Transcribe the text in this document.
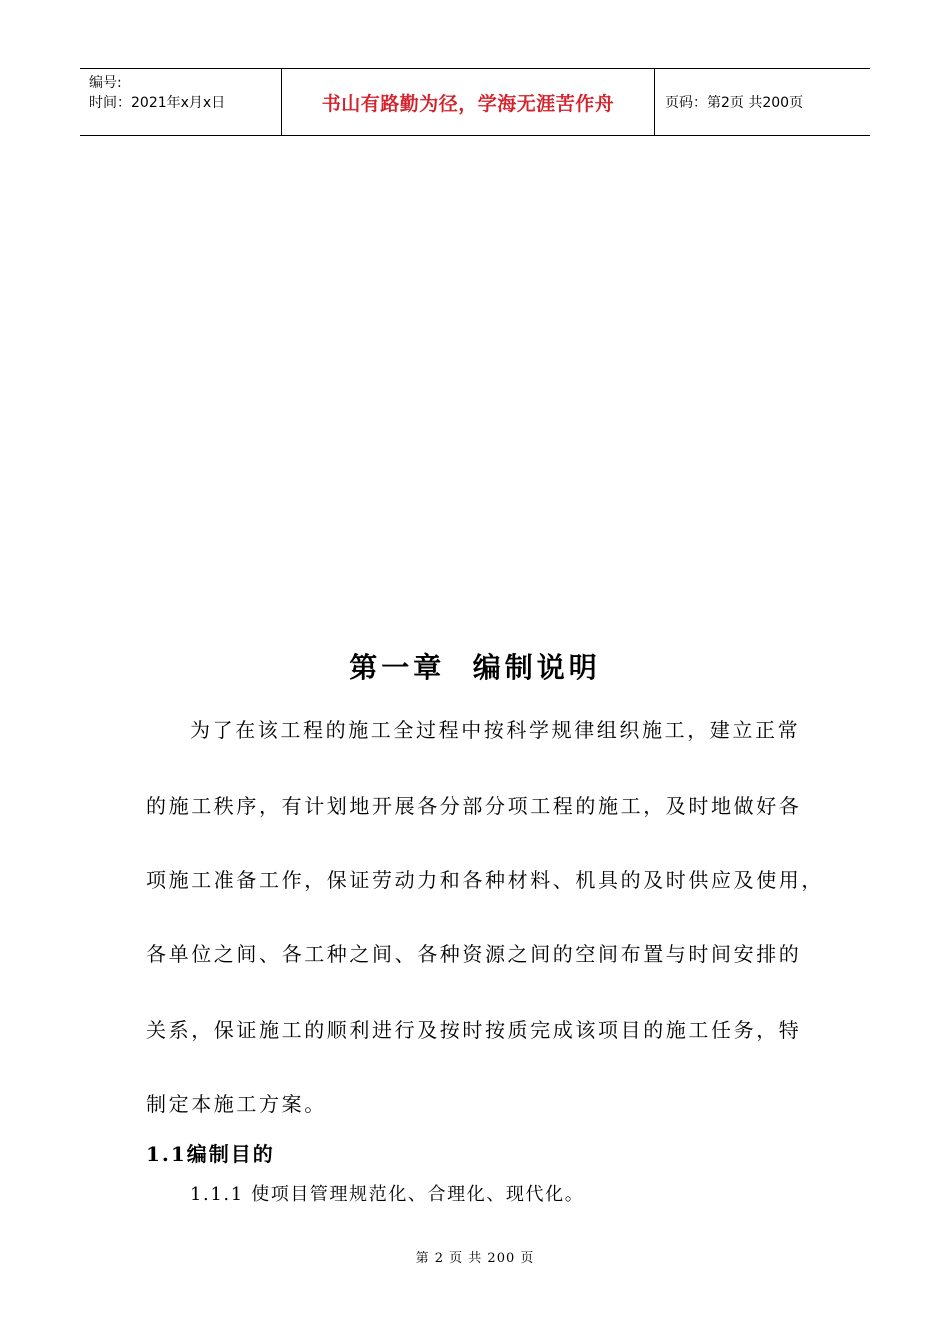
编号:
时间：2021年x月x日	书山有路勤为径，学海无涯苦作舟	页码：第2页 共200页
第一章  编制说明
为了在该工程的施工全过程中按科学规律组织施工，建立正常
的施工秩序，有计划地开展各分部分项工程的施工，及时地做好各
项施工准备工作，保证劳动力和各种材料、机具的及时供应及使用，
各单位之间、各工种之间、各种资源之间的空间布置与时间安排的
关系，保证施工的顺利进行及按时按质完成该项目的施工任务，特
制定本施工方案。
1.1编制目的
1.1.1 使项目管理规范化、合理化、现代化。
第 2 页 共 200 页
